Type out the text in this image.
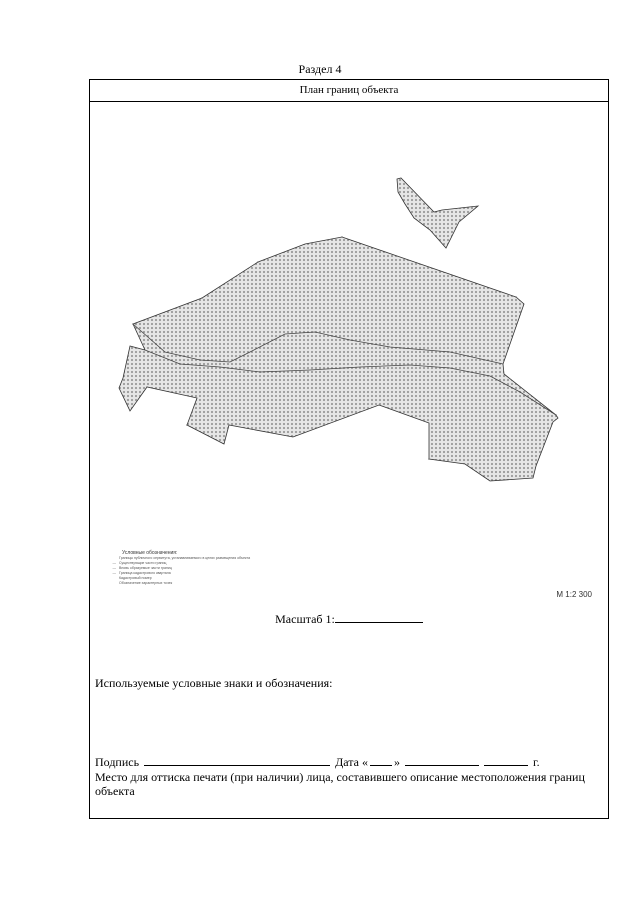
Раздел 4
План границ объекта
Условные обозначения:
Границы публичного сервитута, устанавливаемого в целях размещения объекта
— Существующие части границ
— Вновь образуемые части границ
— Граница кадастрового квартала
Кадастровый номер
Обозначение характерных точек
М 1:2 300
Масштаб 1:
Используемые условные знаки и обозначения:
Подпись	Дата « »	г.
Место для оттиска печати (при наличии) лица, составившего описание местоположения границ объекта
